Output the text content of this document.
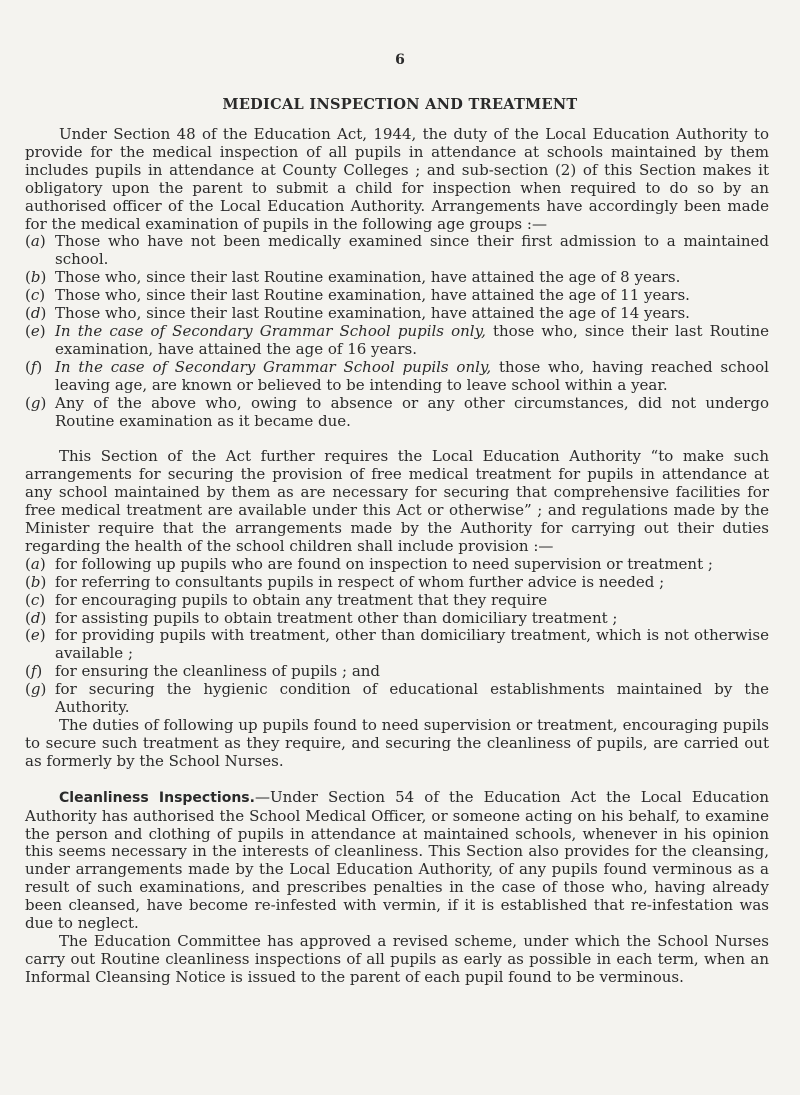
6
MEDICAL INSPECTION AND TREATMENT

Under Section 48 of the Education Act, 1944, the duty of the Local Education Authority to provide for the medical inspection of all pupils in attendance at schools maintained by them includes pupils in attendance at County Colleges ; and sub-section (2) of this Section makes it obligatory upon the parent to submit a child for inspection when required to do so by an authorised officer of the Local Education Authority. Arrangements have accordingly been made for the medical examination of pupils in the following age groups :—

(a) Those who have not been medically examined since their first admission to a maintained school.
(b) Those who, since their last Routine examination, have attained the age of 8 years.
(c) Those who, since their last Routine examination, have attained the age of 11 years.
(d) Those who, since their last Routine examination, have attained the age of 14 years.
(e) In the case of Secondary Grammar School pupils only, those who, since their last Routine examination, have attained the age of 16 years.
(f) In the case of Secondary Grammar School pupils only, those who, having reached school leaving age, are known or believed to be intending to leave school within a year.
(g) Any of the above who, owing to absence or any other circumstances, did not undergo Routine examination as it became due.

This Section of the Act further requires the Local Education Authority “to make such arrangements for securing the provision of free medical treatment for pupils in attendance at any school maintained by them as are necessary for securing that comprehensive facilities for free medical treatment are available under this Act or otherwise” ; and regulations made by the Minister require that the arrangements made by the Authority for carrying out their duties regarding the health of the school children shall include provision :—

(a) for following up pupils who are found on inspection to need supervision or treatment ;
(b) for referring to consultants pupils in respect of whom further advice is needed ;
(c) for encouraging pupils to obtain any treatment that they require
(d) for assisting pupils to obtain treatment other than domiciliary treatment ;
(e) for providing pupils with treatment, other than domiciliary treatment, which is not otherwise available ;
(f) for ensuring the cleanliness of pupils ; and
(g) for securing the hygienic condition of educational establishments maintained by the Authority.

The duties of following up pupils found to need supervision or treatment, encouraging pupils to secure such treatment as they require, and securing the cleanliness of pupils, are carried out as formerly by the School Nurses.

Cleanliness Inspections.—Under Section 54 of the Education Act the Local Education Authority has authorised the School Medical Officer, or someone acting on his behalf, to examine the person and clothing of pupils in attendance at maintained schools, whenever in his opinion this seems necessary in the interests of cleanliness. This Section also provides for the cleansing, under arrangements made by the Local Education Authority, of any pupils found verminous as a result of such examinations, and prescribes penalties in the case of those who, having already been cleansed, have become re-infested with vermin, if it is established that re-infestation was due to neglect.

The Education Committee has approved a revised scheme, under which the School Nurses carry out Routine cleanliness inspections of all pupils as early as possible in each term, when an Informal Cleansing Notice is issued to the parent of each pupil found to be verminous.
